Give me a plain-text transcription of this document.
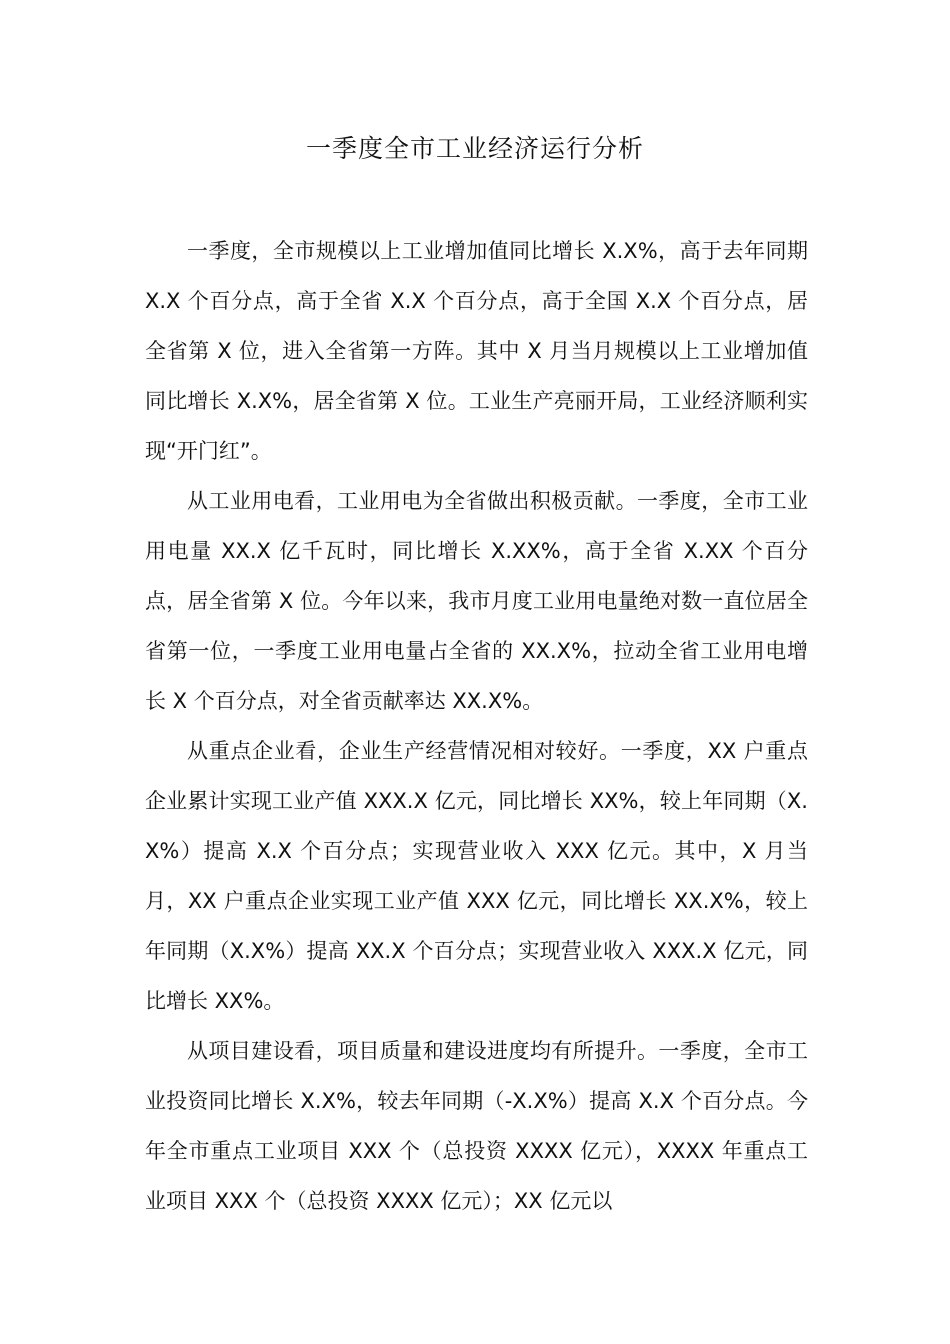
一季度全市工业经济运行分析

一季度，全市规模以上工业增加值同比增长 X.X%，高于去年同期 X.X 个百分点，高于全省 X.X 个百分点，高于全国 X.X 个百分点，居全省第 X 位，进入全省第一方阵。其中 X 月当月规模以上工业增加值同比增长 X.X%，居全省第 X 位。工业生产亮丽开局，工业经济顺利实现“开门红”。

从工业用电看，工业用电为全省做出积极贡献。一季度，全市工业用电量 XX.X 亿千瓦时，同比增长 X.XX%，高于全省 X.XX 个百分点，居全省第 X 位。今年以来，我市月度工业用电量绝对数一直位居全省第一位，一季度工业用电量占全省的 XX.X%，拉动全省工业用电增长 X 个百分点，对全省贡献率达 XX.X%。

从重点企业看，企业生产经营情况相对较好。一季度，XX 户重点企业累计实现工业产值 XXX.X 亿元，同比增长 XX%，较上年同期（X.X%）提高 X.X 个百分点；实现营业收入 XXX 亿元。其中，X 月当月，XX 户重点企业实现工业产值 XXX 亿元，同比增长 XX.X%，较上年同期（X.X%）提高 XX.X 个百分点；实现营业收入 XXX.X 亿元，同比增长 XX%。

从项目建设看，项目质量和建设进度均有所提升。一季度，全市工业投资同比增长 X.X%，较去年同期（-X.X%）提高 X.X 个百分点。今年全市重点工业项目 XXX 个（总投资 XXXX 亿元），XXXX 年重点工业项目 XXX 个（总投资 XXXX 亿元）；XX 亿元以
